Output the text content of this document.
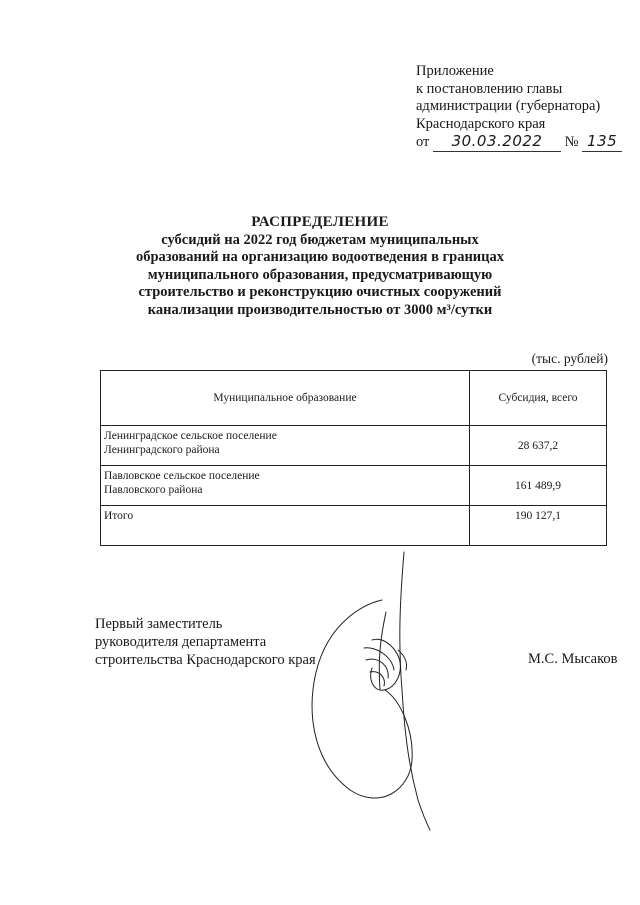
Приложение
к постановлению главы
администрации (губернатора)
Краснодарского края
от 30.03.2022 № 135
РАСПРЕДЕЛЕНИЕ
субсидий на 2022 год бюджетам муниципальных
образований на организацию водоотведения в границах
муниципального образования, предусматривающую
строительство и реконструкцию очистных сооружений
канализации производительностью от 3000 м³/сутки
(тыс. рублей)
Муниципальное образование	Субсидия, всего

Ленинградское сельское поселение
Ленинградского района	28 637,2

Павловское сельское поселение
Павловского района	161 489,9
Итого	190 127,1
Первый заместитель
руководителя департамента
строительства Краснодарского края	М.С. Мысаков
